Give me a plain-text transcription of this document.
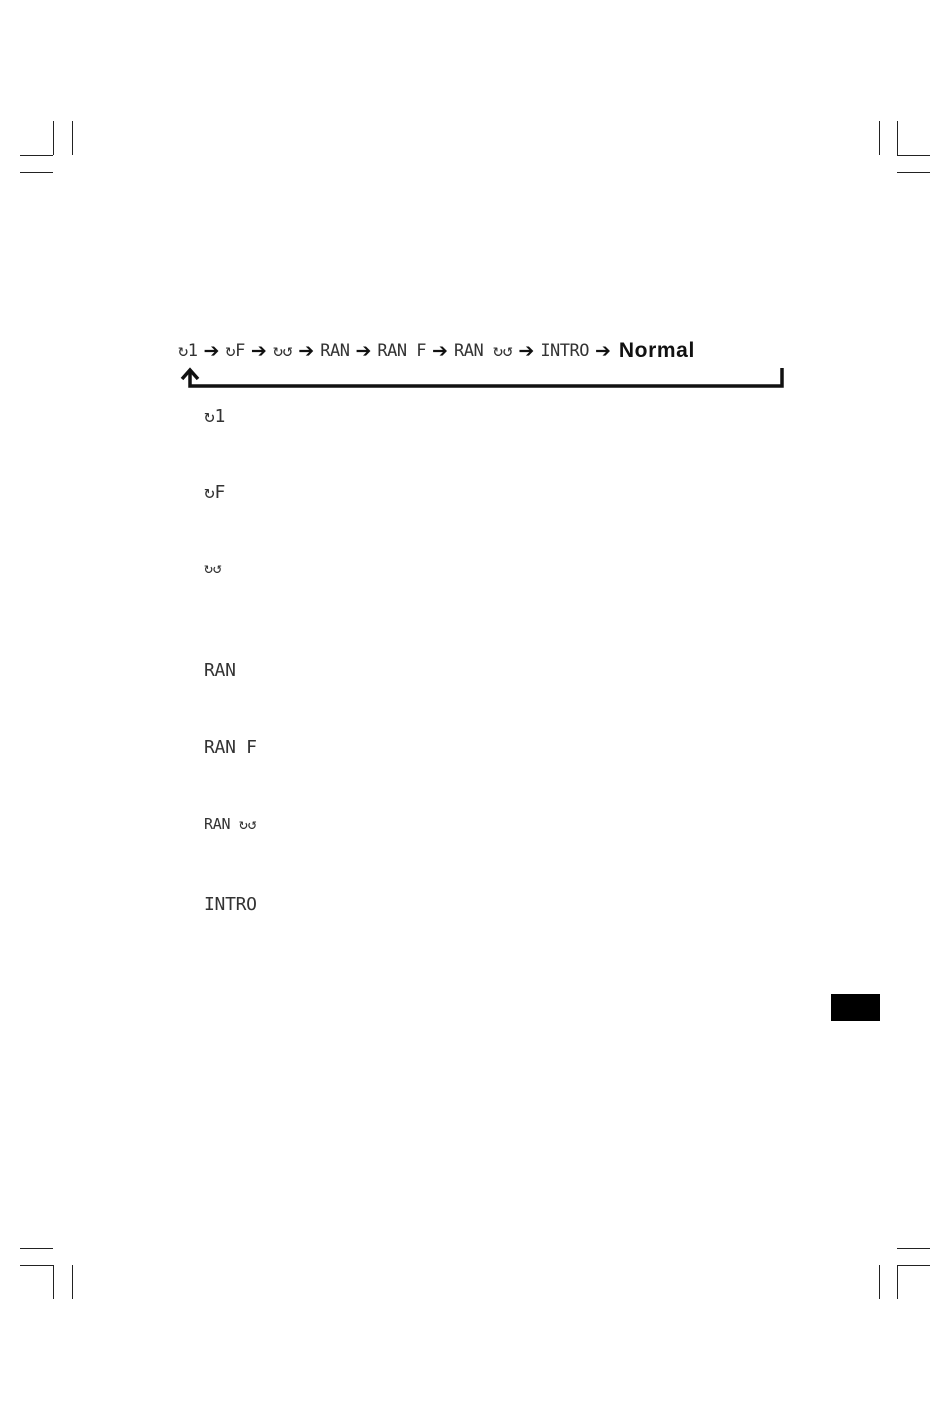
↻1 ➔ ↻F ➔ ↻↺ ➔ RAN ➔ RAN F ➔ RAN ↻↺ ➔ INTRO ➔ Normal
↻1
↻F
↻↺
RAN
RAN F
RAN ↻↺
INTRO
